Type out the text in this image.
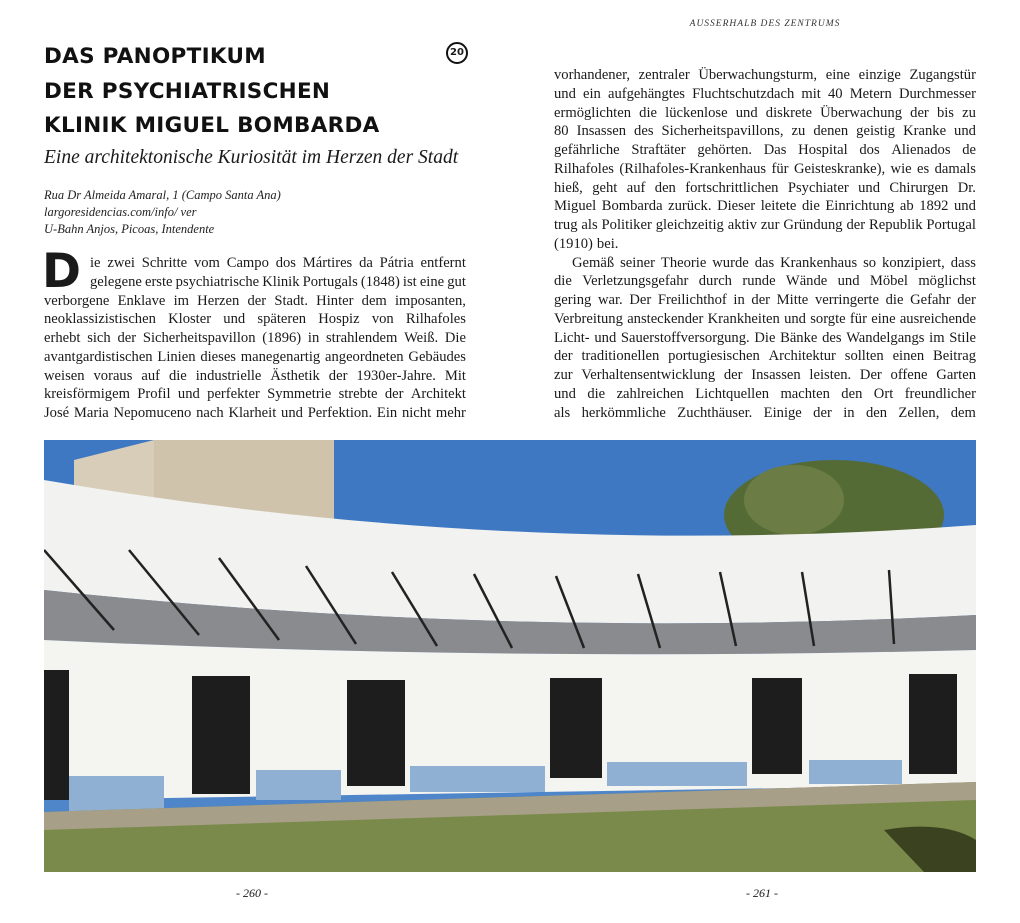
AUSSERHALB DES ZENTRUMS
DAS PANOPTIKUM
DER PSYCHIATRISCHEN
KLINIK MIGUEL BOMBARDA
20
Eine architektonische Kuriosität im Herzen der Stadt
Rua Dr Almeida Amaral, 1 (Campo Santa Ana)
largoresidencias.com/info/ ver
U-Bahn Anjos, Picoas, Intendente
D ie zwei Schritte vom Campo dos Mártires da Pátria entfernt
gelegene erste psychiatrische Klinik Portugals (1848) ist eine gut
verborgene Enklave im Herzen der Stadt. Hinter dem imposanten,
neoklassizistischen Kloster und späteren Hospiz von Rilhafoles
erhebt sich der Sicherheitspavillon (1896) in strahlendem Weiß. Die
avantgardistischen Linien dieses manegenartig angeordneten Gebäudes
weisen voraus auf die industrielle Ästhetik der 1930er-Jahre. Mit
kreisförmigem Profil und perfekter Symmetrie strebte der Architekt
José Maria Nepomuceno nach Klarheit und Perfektion. Ein nicht mehr
vorhandener, zentraler Überwachungsturm, eine einzige Zugangstür
und ein aufgehängtes Fluchtschutzdach mit 40 Metern Durchmesser
ermöglichten die lückenlose und diskrete Überwachung der bis zu
80 Insassen des Sicherheitspavillons, zu denen geistig Kranke und
gefährliche Straftäter gehörten. Das Hospital dos Alienados de
Rilhafoles (Rilhafoles-Krankenhaus für Geisteskranke), wie es damals
hieß, geht auf den fortschrittlichen Psychiater und Chirurgen Dr.
Miguel Bombarda zurück. Dieser leitete die Einrichtung ab 1892 und
trug als Politiker gleichzeitig aktiv zur Gründung der Republik Portugal
(1910) bei.
Gemäß seiner Theorie wurde das Krankenhaus so konzipiert, dass
die Verletzungsgefahr durch runde Wände und Möbel möglichst
gering war. Der Freilichthof in der Mitte verringerte die Gefahr der
Verbreitung ansteckender Krankheiten und sorgte für eine ausreichende
Licht- und Sauerstoffversorgung. Die Bänke des Wandelgangs im Stile
der traditionellen portugiesischen Architektur sollten einen Beitrag
zur Verhaltensentwicklung der Insassen leisten. Der offene Garten
und die zahlreichen Lichtquellen machten den Ort freundlicher
als herkömmliche Zuchthäuser. Einige der in den Zellen, dem
- 260 -	- 261 -
